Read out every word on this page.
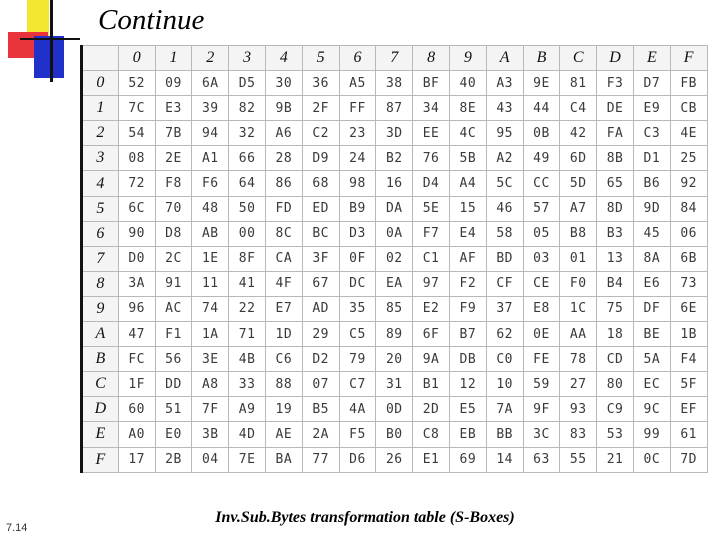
Continue
	0	1	2	3	4	5	6	7	8	9	A	B	C	D	E	F
0	52	09	6A	D5	30	36	A5	38	BF	40	A3	9E	81	F3	D7	FB
1	7C	E3	39	82	9B	2F	FF	87	34	8E	43	44	C4	DE	E9	CB
2	54	7B	94	32	A6	C2	23	3D	EE	4C	95	0B	42	FA	C3	4E
3	08	2E	A1	66	28	D9	24	B2	76	5B	A2	49	6D	8B	D1	25
4	72	F8	F6	64	86	68	98	16	D4	A4	5C	CC	5D	65	B6	92
5	6C	70	48	50	FD	ED	B9	DA	5E	15	46	57	A7	8D	9D	84
6	90	D8	AB	00	8C	BC	D3	0A	F7	E4	58	05	B8	B3	45	06
7	D0	2C	1E	8F	CA	3F	0F	02	C1	AF	BD	03	01	13	8A	6B
8	3A	91	11	41	4F	67	DC	EA	97	F2	CF	CE	F0	B4	E6	73
9	96	AC	74	22	E7	AD	35	85	E2	F9	37	E8	1C	75	DF	6E
A	47	F1	1A	71	1D	29	C5	89	6F	B7	62	0E	AA	18	BE	1B
B	FC	56	3E	4B	C6	D2	79	20	9A	DB	C0	FE	78	CD	5A	F4
C	1F	DD	A8	33	88	07	C7	31	B1	12	10	59	27	80	EC	5F
D	60	51	7F	A9	19	B5	4A	0D	2D	E5	7A	9F	93	C9	9C	EF
E	A0	E0	3B	4D	AE	2A	F5	B0	C8	EB	BB	3C	83	53	99	61
F	17	2B	04	7E	BA	77	D6	26	E1	69	14	63	55	21	0C	7D
7.14

Inv.Sub.Bytes transformation table (S-Boxes)
